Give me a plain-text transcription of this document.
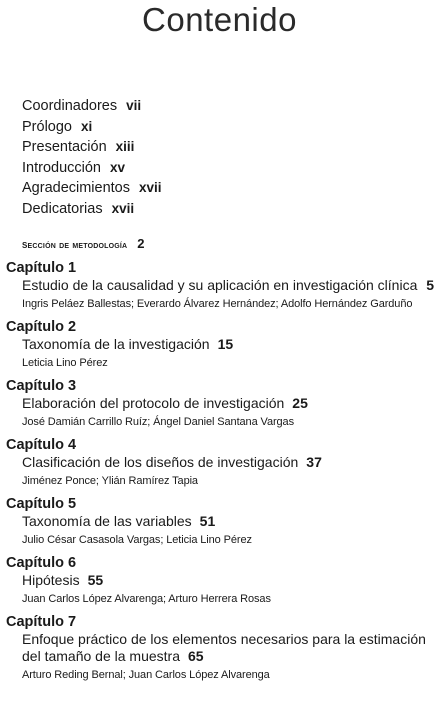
Contenido
Coordinadores vii
Prólogo xi
Presentación xiii
Introducción xv
Agradecimientos xvii
Dedicatorias xvii
sección de metodología 2
Capítulo 1
Estudio de la causalidad y su aplicación en investigación clínica 5
Ingris Peláez Ballestas; Everardo Álvarez Hernández; Adolfo Hernández Garduño
Capítulo 2
Taxonomía de la investigación 15
Leticia Lino Pérez
Capítulo 3
Elaboración del protocolo de investigación 25
José Damián Carrillo Ruíz; Ángel Daniel Santana Vargas
Capítulo 4
Clasificación de los diseños de investigación 37
Jiménez Ponce; Ylián Ramírez Tapia
Capítulo 5
Taxonomía de las variables 51
Julio César Casasola Vargas; Leticia Lino Pérez
Capítulo 6
Hipótesis 55
Juan Carlos López Alvarenga; Arturo Herrera Rosas
Capítulo 7
Enfoque práctico de los elementos necesarios para la estimación del tamaño de la muestra 65
Arturo Reding Bernal; Juan Carlos López Alvarenga
